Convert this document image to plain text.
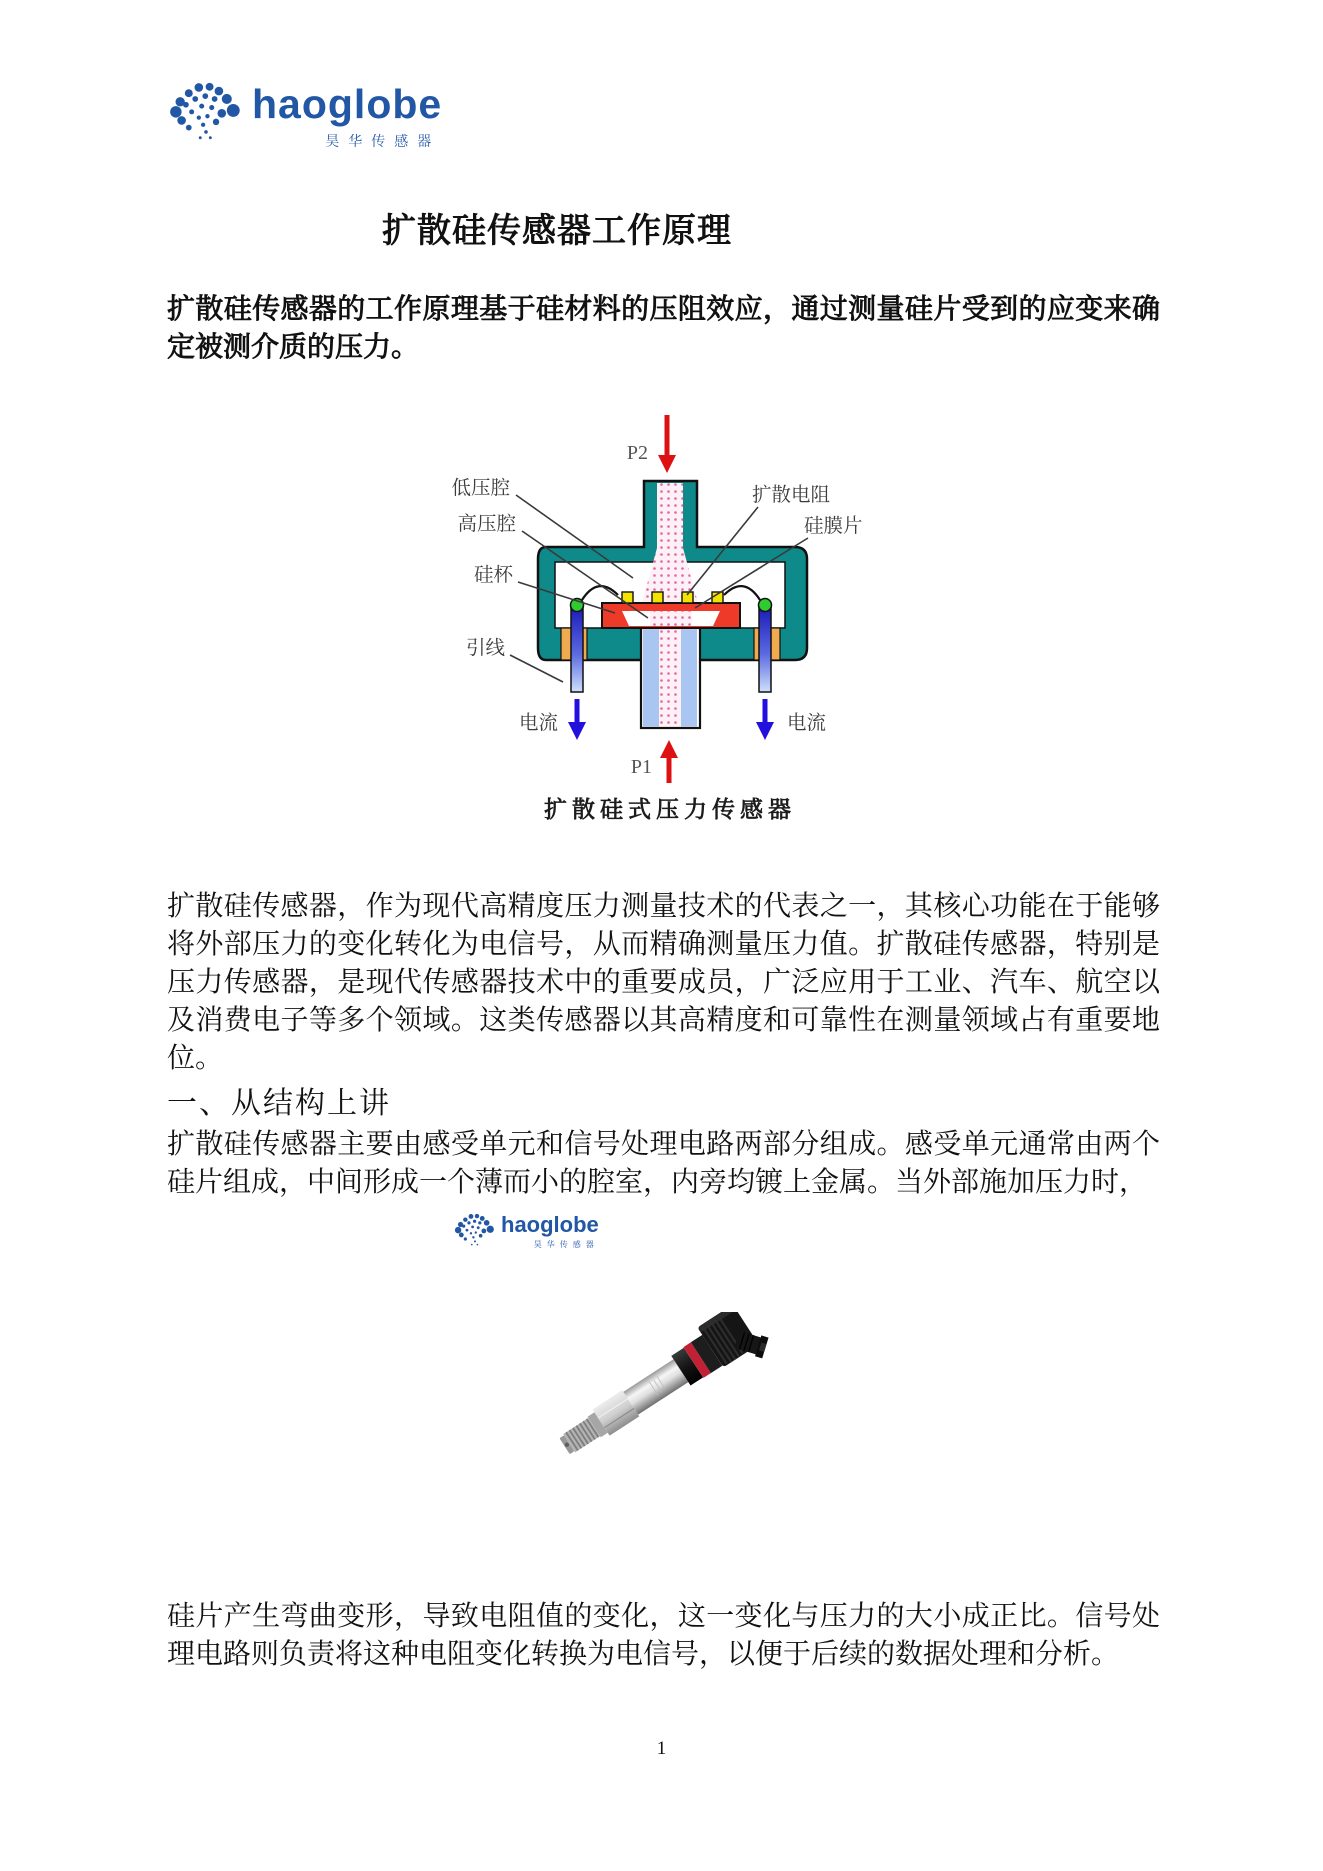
haoglobe
昊华传感器
扩散硅传感器工作原理
扩散硅传感器的工作原理基于硅材料的压阻效应，通过测量硅片受到的应变来确定被测介质的压力。
低压腔
高压腔
硅杯
引线
电流	电流
扩散电阻
硅膜片
P2
P1
扩散硅式压力传感器
扩散硅传感器，作为现代高精度压力测量技术的代表之一，其核心功能在于能够将外部压力的变化转化为电信号，从而精确测量压力值。扩散硅传感器，特别是压力传感器，是现代传感器技术中的重要成员，广泛应用于工业、汽车、航空以及消费电子等多个领域。这类传感器以其高精度和可靠性在测量领域占有重要地位。
一、从结构上讲
扩散硅传感器主要由感受单元和信号处理电路两部分组成。感受单元通常由两个硅片组成，中间形成一个薄而小的腔室，内旁均镀上金属。当外部施加压力时，
haoglobe
昊华传感器
硅片产生弯曲变形，导致电阻值的变化，这一变化与压力的大小成正比。信号处理电路则负责将这种电阻变化转换为电信号，以便于后续的数据处理和分析。
1
